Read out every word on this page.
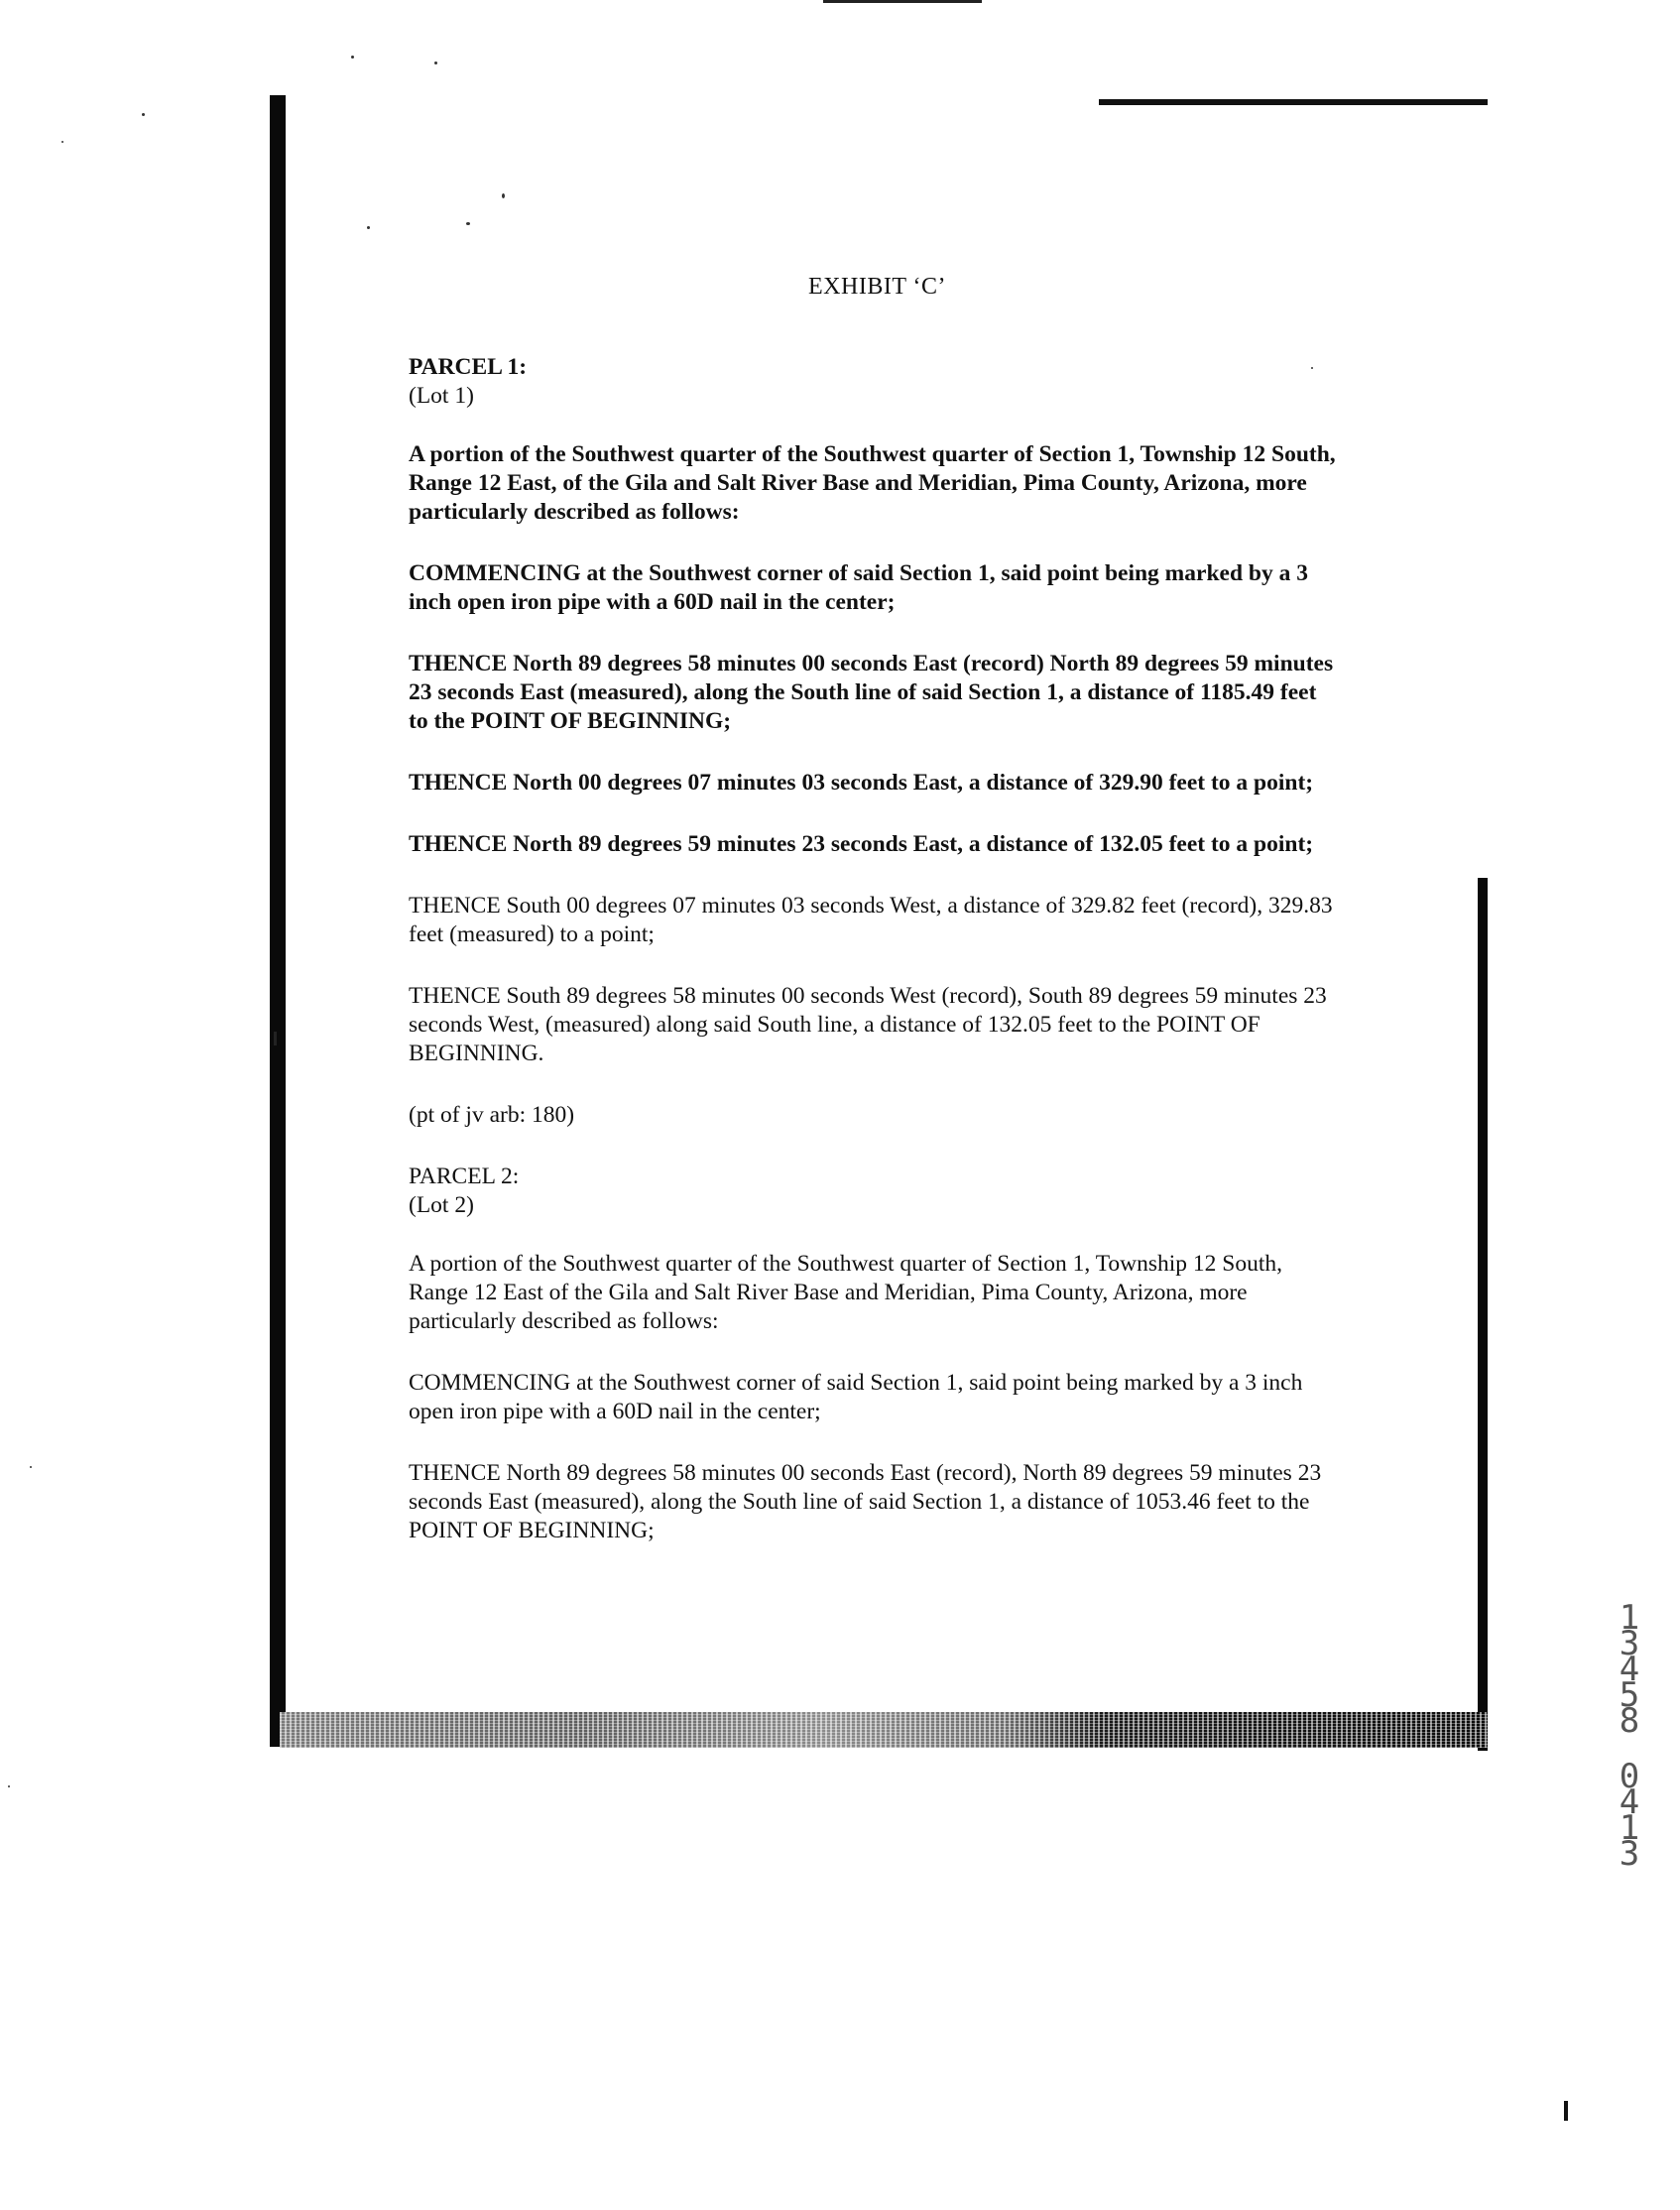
EXHIBIT ‘C’

PARCEL 1:

(Lot 1)

A portion of the Southwest quarter of the Southwest quarter of Section 1, Township 12 South, Range 12 East, of the Gila and Salt River Base and Meridian, Pima County, Arizona, more particularly described as follows:

COMMENCING at the Southwest corner of said Section 1, said point being marked by a 3 inch open iron pipe with a 60D nail in the center;

THENCE North 89 degrees 58 minutes 00 seconds East (record) North 89 degrees 59 minutes 23 seconds East (measured), along the South line of said Section 1, a distance of 1185.49 feet to the POINT OF BEGINNING;

THENCE North 00 degrees 07 minutes 03 seconds East, a distance of 329.90 feet to a point;

THENCE North 89 degrees 59 minutes 23 seconds East, a distance of 132.05 feet to a point;

THENCE South 00 degrees 07 minutes 03 seconds West, a distance of 329.82 feet (record), 329.83 feet (measured) to a point;

THENCE South 89 degrees 58 minutes 00 seconds West (record), South 89 degrees 59 minutes 23 seconds West, (measured) along said South line, a distance of 132.05 feet to the POINT OF BEGINNING.

(pt of jv arb: 180)

PARCEL 2:

(Lot 2)

A portion of the Southwest quarter of the Southwest quarter of Section 1, Township 12 South, Range 12 East of the Gila and Salt River Base and Meridian, Pima County, Arizona, more particularly described as follows:

COMMENCING at the Southwest corner of said Section 1, said point being marked by a 3 inch open iron pipe with a 60D nail in the center;

THENCE North 89 degrees 58 minutes 00 seconds East (record), North 89 degrees 59 minutes 23 seconds East (measured), along the South line of said Section 1, a distance of 1053.46 feet to the POINT OF BEGINNING;

1
3
4
5
8
0
4
1
3
